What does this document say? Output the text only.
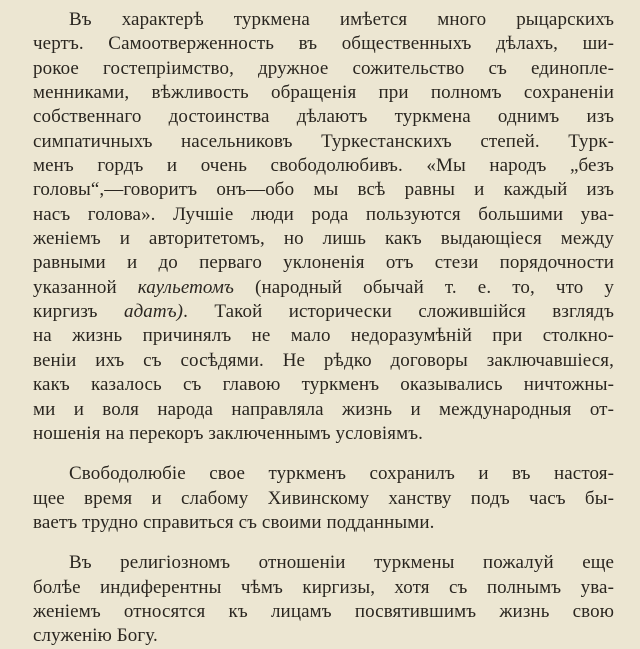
Въ характерѣ туркмена имѣется много рыцарскихъ
чертъ. Самоотверженность въ общественныхъ дѣлахъ, ши-
рокое гостепріимство, дружное сожительство съ единопле-
менниками, вѣжливость обращенія при полномъ сохраненіи
собственнаго достоинства дѣлаютъ туркмена однимъ изъ
симпатичныхъ насельниковъ Туркестанскихъ степей. Турк-
менъ гордъ и очень свободолюбивъ. «Мы народъ „безъ
головы“,—говоритъ онъ—обо мы всѣ равны и каждый изъ
насъ голова». Лучшіе люди рода пользуются большими ува-
женіемъ и авторитетомъ, но лишь какъ выдающіеся между
равными и до перваго уклоненія отъ стези порядочности
указанной каульетомъ (народный обычай т. е. то, что у
киргизъ адатъ). Такой исторически сложившійся взглядъ
на жизнь причинялъ не мало недоразумѣній при столкно-
веніи ихъ съ сосѣдями. Не рѣдко договоры заключавшіеся,
какъ казалось съ главою туркменъ оказывались ничтожны-
ми и воля народа направляла жизнь и международныя от-
ношенія на перекоръ заключеннымъ условіямъ.
Свободолюбіе свое туркменъ сохранилъ и въ настоя-
щее время и слабому Хивинскому ханству подъ часъ бы-
ваетъ трудно справиться съ своими подданными.
Въ религіозномъ отношеніи туркмены пожалуй еще
болѣе индиферентны чѣмъ киргизы, хотя съ полнымъ ува-
женіемъ относятся къ лицамъ посвятившимъ жизнь свою
служенію Богу.
